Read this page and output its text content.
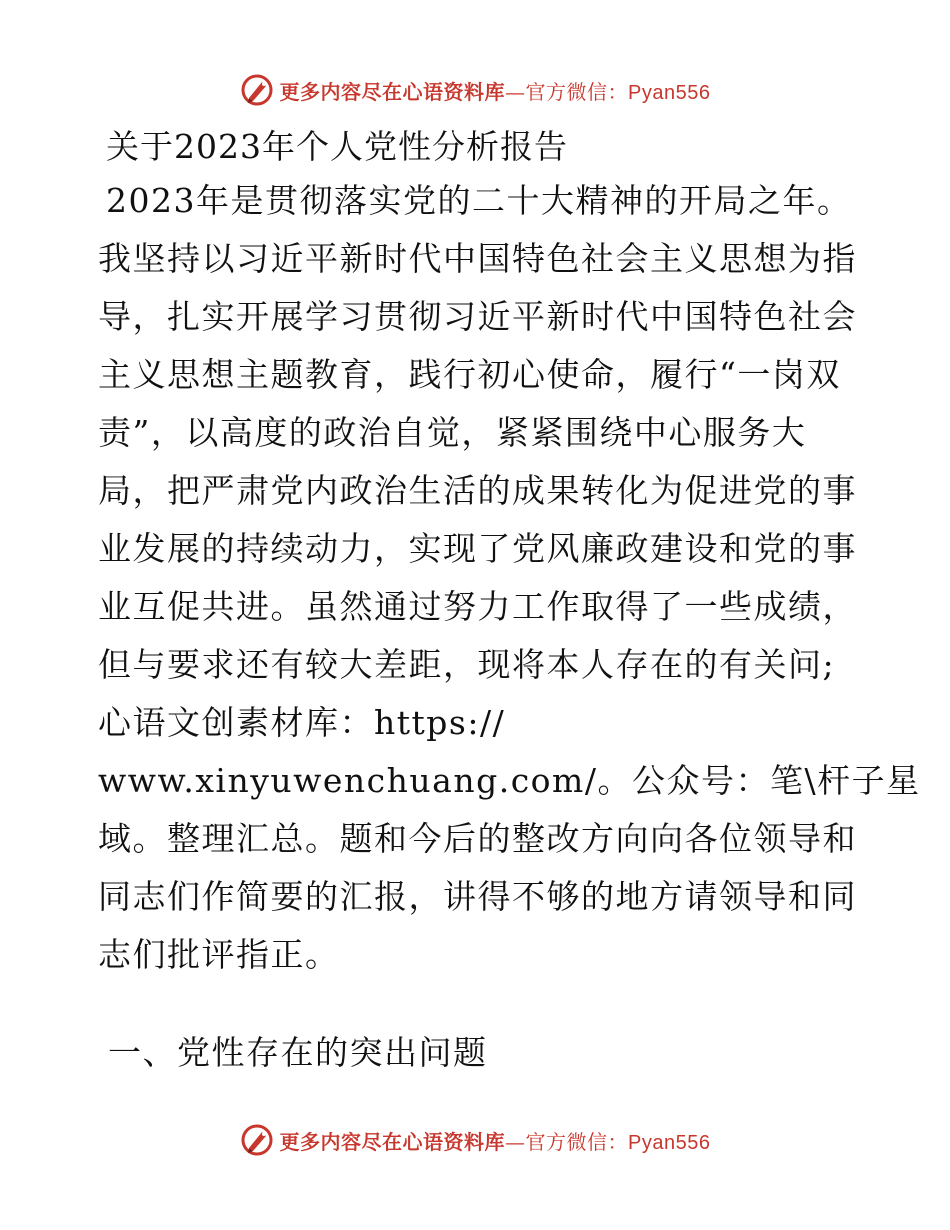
更多内容尽在心语资料库—官方微信：Pyan556
关于2023年个人党性分析报告
2023年是贯彻落实党的二十大精神的开局之年。
我坚持以习近平新时代中国特色社会主义思想为指
导，扎实开展学习贯彻习近平新时代中国特色社会
主义思想主题教育，践行初心使命，履行“一岗双
责”，以高度的政治自觉，紧紧围绕中心服务大
局，把严肃党内政治生活的成果转化为促进党的事
业发展的持续动力，实现了党风廉政建设和党的事
业互促共进。虽然通过努力工作取得了一些成绩，
但与要求还有较大差距，现将本人存在的有关问;
心语文创素材库：https://
www.xinyuwenchuang.com/。公众号：笔\杆子星
域。整理汇总。题和今后的整改方向向各位领导和
同志们作简要的汇报，讲得不够的地方请领导和同
志们批评指正。
一、党性存在的突出问题
更多内容尽在心语资料库—官方微信：Pyan556
